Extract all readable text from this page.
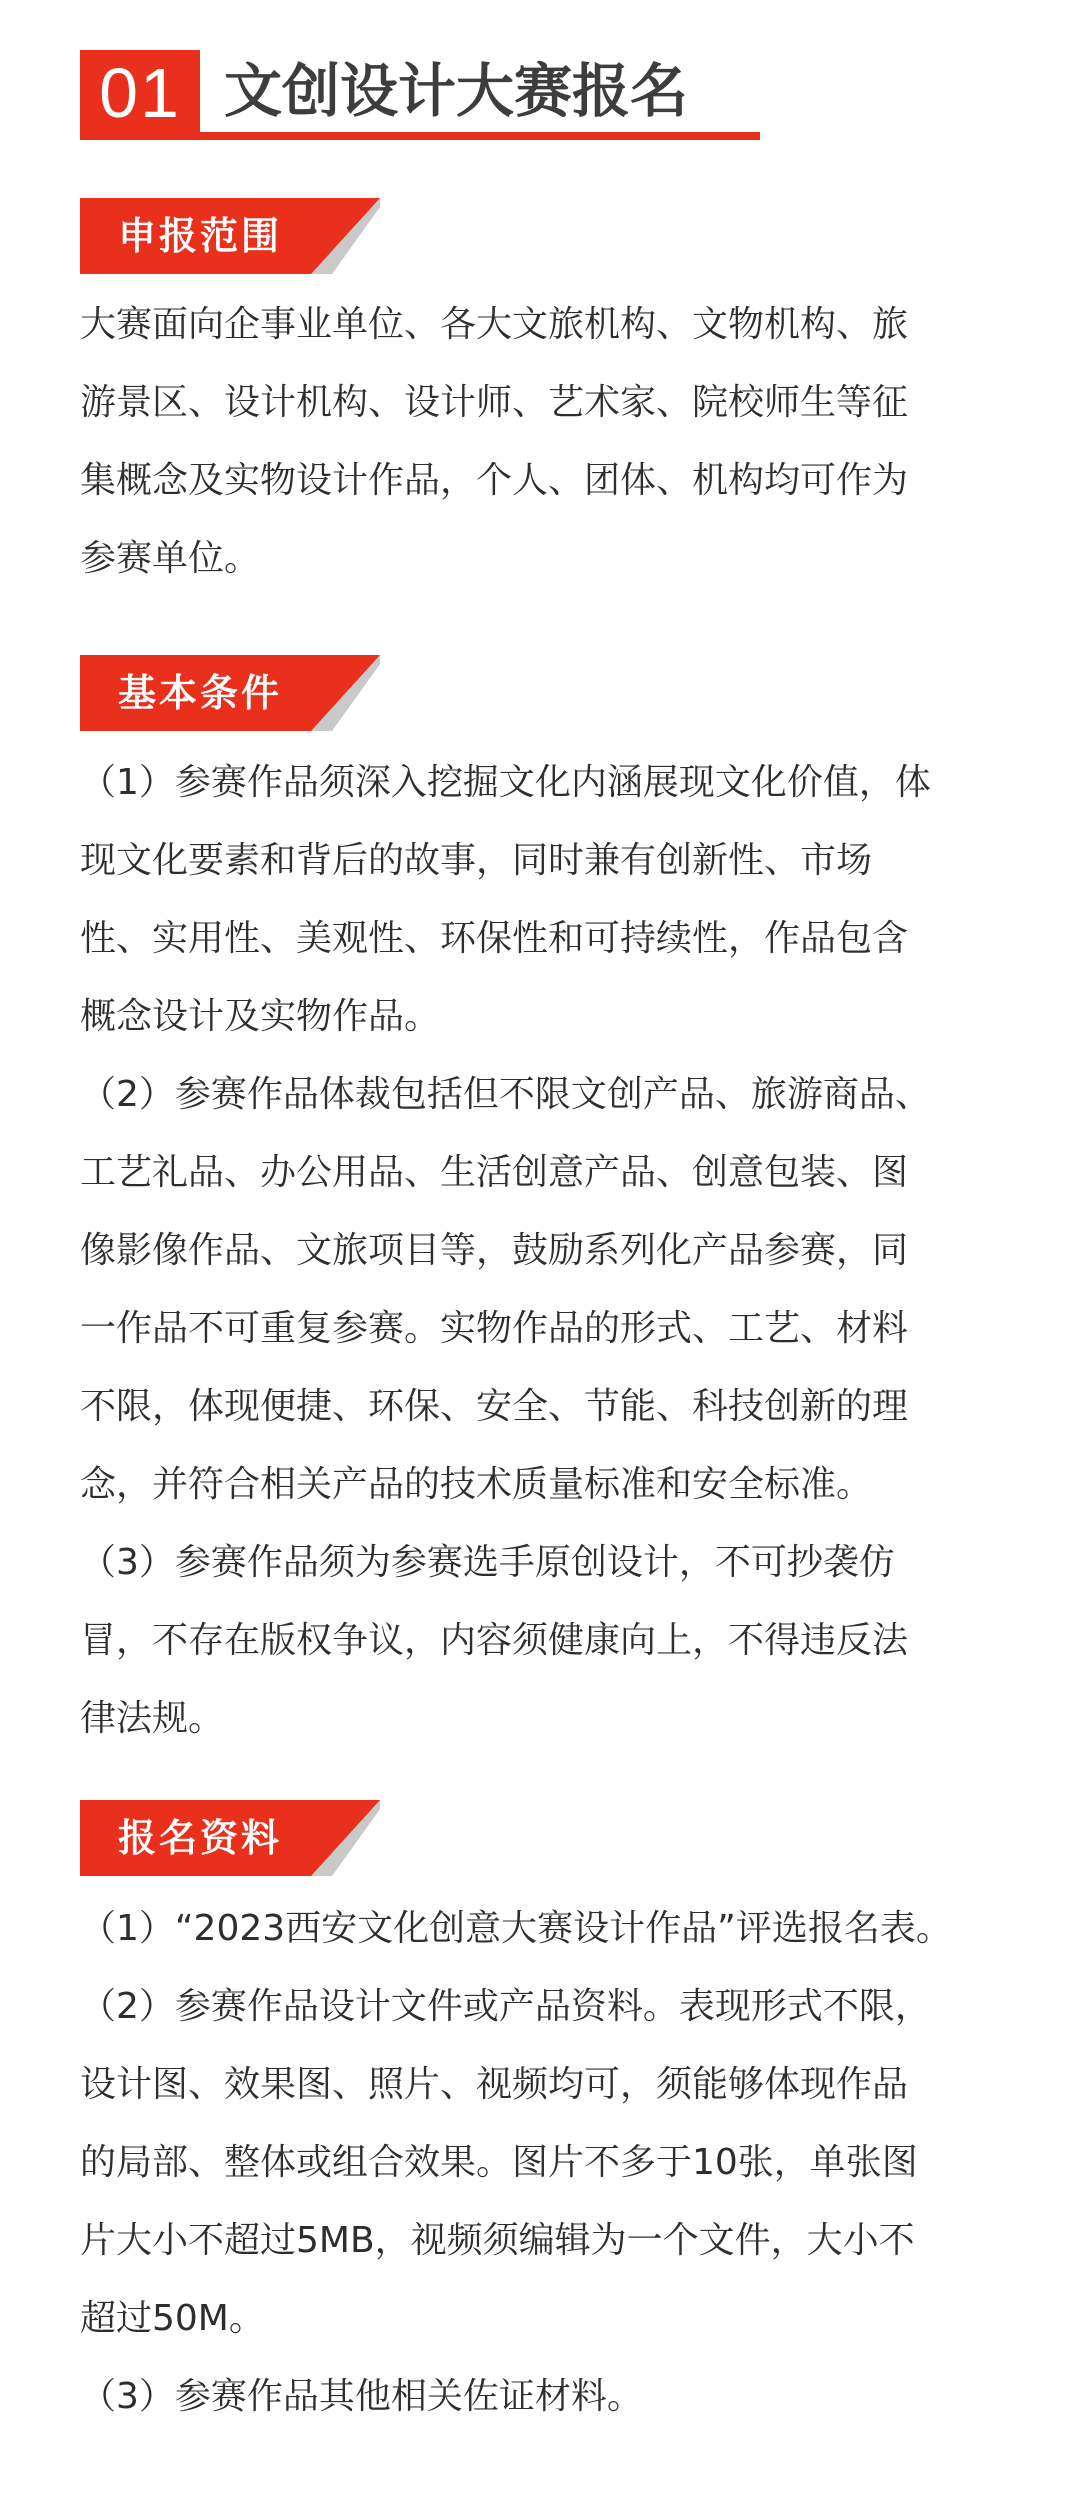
01 文创设计大赛报名
申报范围
大赛面向企事业单位、各大文旅机构、文物机构、旅
游景区、设计机构、设计师、艺术家、院校师生等征
集概念及实物设计作品，个人、团体、机构均可作为
参赛单位。
基本条件
（1）参赛作品须深入挖掘文化内涵展现文化价值，体
现文化要素和背后的故事，同时兼有创新性、市场
性、实用性、美观性、环保性和可持续性，作品包含
概念设计及实物作品。
（2）参赛作品体裁包括但不限文创产品、旅游商品、
工艺礼品、办公用品、生活创意产品、创意包装、图
像影像作品、文旅项目等，鼓励系列化产品参赛，同
一作品不可重复参赛。实物作品的形式、工艺、材料
不限，体现便捷、环保、安全、节能、科技创新的理
念，并符合相关产品的技术质量标准和安全标准。
（3）参赛作品须为参赛选手原创设计，不可抄袭仿
冒，不存在版权争议，内容须健康向上，不得违反法
律法规。
报名资料
（1）“2023西安文化创意大赛设计作品”评选报名表。
（2）参赛作品设计文件或产品资料。表现形式不限，
设计图、效果图、照片、视频均可，须能够体现作品
的局部、整体或组合效果。图片不多于10张，单张图
片大小不超过5MB，视频须编辑为一个文件，大小不
超过50M。
（3）参赛作品其他相关佐证材料。
